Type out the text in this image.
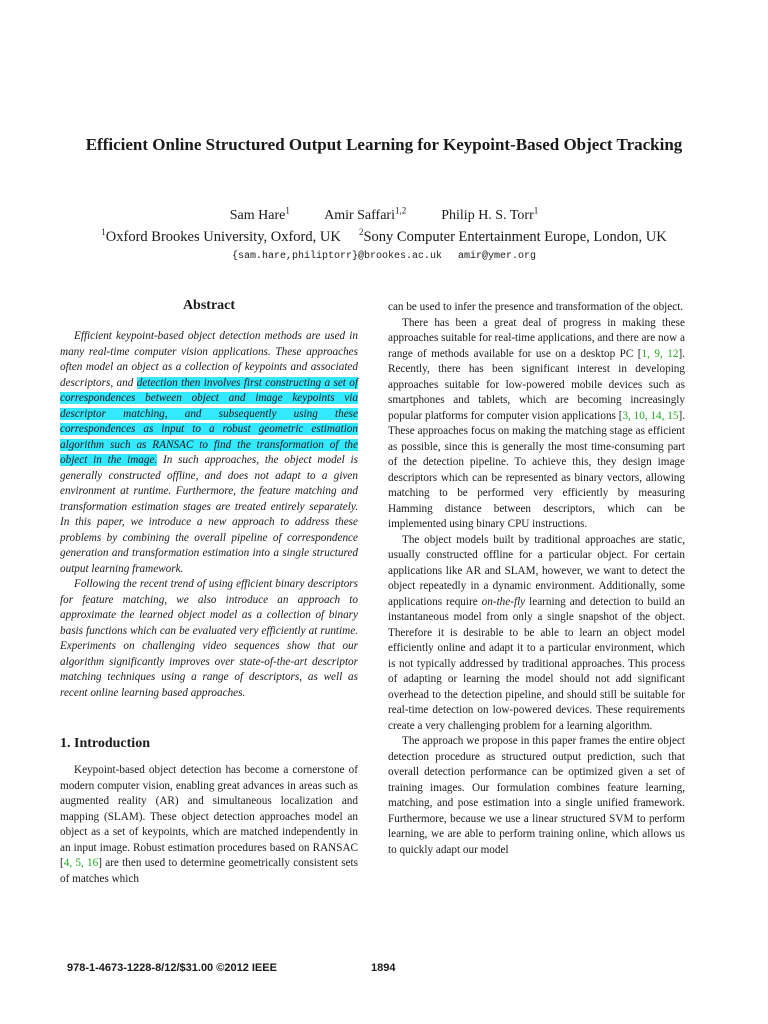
Efficient Online Structured Output Learning for Keypoint-Based Object Tracking
Sam Hare$^1$ Amir Saffari$^{1,2}$	Philip H. S. Torr$^1$
$^1$Oxford Brookes University, Oxford, UK $^2$Sony Computer Entertainment Europe, London, UK
{sam.hare,philiptorr}@brookes.ac.uk amir@ymer.org
Abstract

Efficient keypoint-based object detection methods are used in many real-time computer vision applications. These approaches often model an object as a collection of keypoints and associated descriptors, and detection then involves first constructing a set of correspondences between object and image keypoints via descriptor matching, and subsequently using these correspondences as input to a robust geometric estimation algorithm such as RANSAC to find the transformation of the object in the image. In such approaches, the object model is generally constructed offline, and does not adapt to a given environment at runtime. Furthermore, the feature matching and transformation estimation stages are treated entirely separately. In this paper, we introduce a new approach to address these problems by combining the overall pipeline of correspondence generation and transformation estimation into a single structured output learning framework.

Following the recent trend of using efficient binary descriptors for feature matching, we also introduce an approach to approximate the learned object model as a collection of binary basis functions which can be evaluated very efficiently at runtime. Experiments on challenging video sequences show that our algorithm significantly improves over state-of-the-art descriptor matching techniques using a range of descriptors, as well as recent online learning based approaches.

1. Introduction

Keypoint-based object detection has become a cornerstone of modern computer vision, enabling great advances in areas such as augmented reality (AR) and simultaneous localization and mapping (SLAM). These object detection approaches model an object as a set of keypoints, which are matched independently in an input image. Robust estimation procedures based on RANSAC [4, 5, 16] are then used to determine geometrically consistent sets of matches which

can be used to infer the presence and transformation of the object.

There has been a great deal of progress in making these approaches suitable for real-time applications, and there are now a range of methods available for use on a desktop PC [1, 9, 12]. Recently, there has been significant interest in developing approaches suitable for low-powered mobile devices such as smartphones and tablets, which are becoming increasingly popular platforms for computer vision applications [3, 10, 14, 15]. These approaches focus on making the matching stage as efficient as possible, since this is generally the most time-consuming part of the detection pipeline. To achieve this, they design image descriptors which can be represented as binary vectors, allowing matching to be performed very efficiently by measuring Hamming distance between descriptors, which can be implemented using binary CPU instructions.

The object models built by traditional approaches are static, usually constructed offline for a particular object. For certain applications like AR and SLAM, however, we want to detect the object repeatedly in a dynamic environment. Additionally, some applications require on-the-fly learning and detection to build an instantaneous model from only a single snapshot of the object. Therefore it is desirable to be able to learn an object model efficiently online and adapt it to a particular environment, which is not typically addressed by traditional approaches. This process of adapting or learning the model should not add significant overhead to the detection pipeline, and should still be suitable for real-time detection on low-powered devices. These requirements create a very challenging problem for a learning algorithm.

The approach we propose in this paper frames the entire object detection procedure as structured output prediction, such that overall detection performance can be optimized given a set of training images. Our formulation combines feature learning, matching, and pose estimation into a single unified framework. Furthermore, because we use a linear structured SVM to perform learning, we are able to perform training online, which allows us to quickly adapt our model

978-1-4673-1228-8/12/$31.00 ©2012 IEEE	1894
